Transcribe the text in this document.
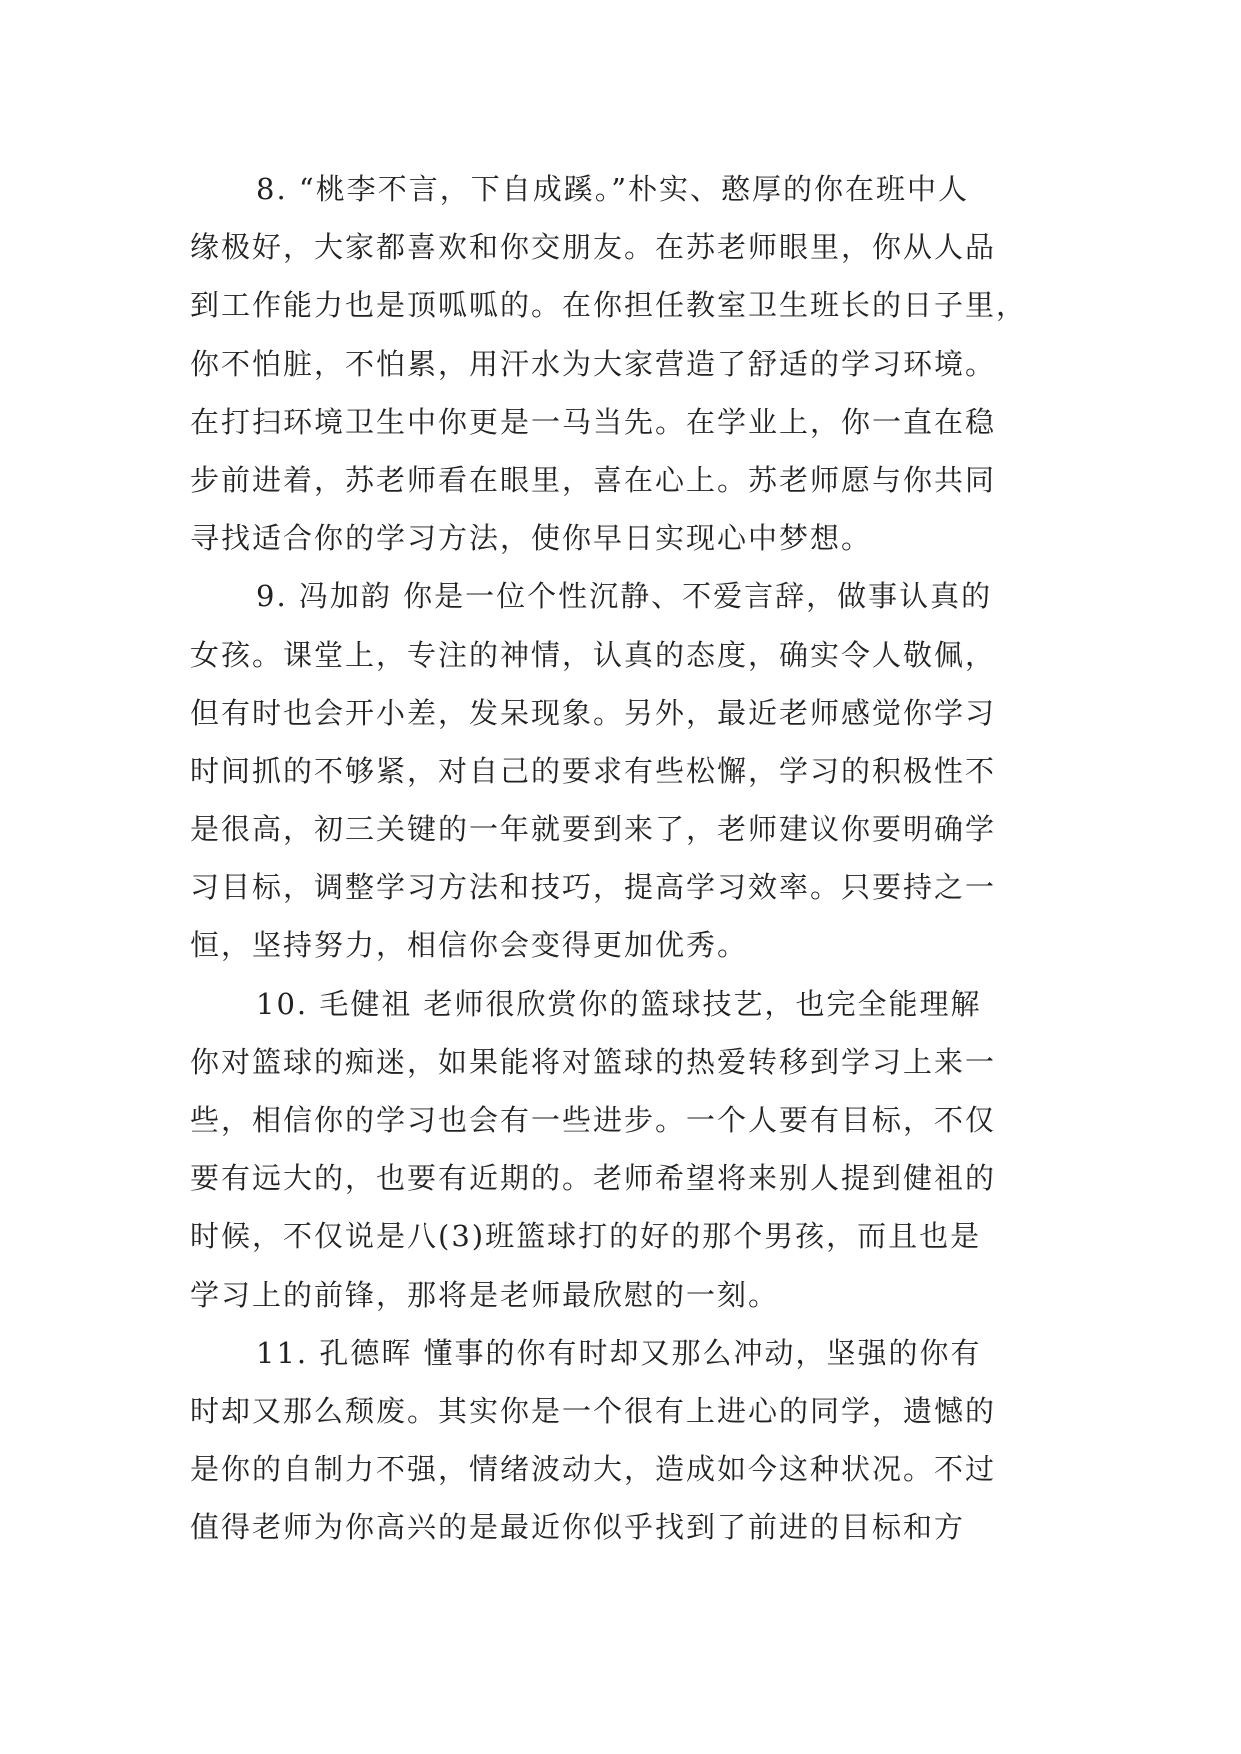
8. “桃李不言，下自成蹊。”朴实、憨厚的你在班中人
缘极好，大家都喜欢和你交朋友。在苏老师眼里，你从人品
到工作能力也是顶呱呱的。在你担任教室卫生班长的日子里，
你不怕脏，不怕累，用汗水为大家营造了舒适的学习环境。
在打扫环境卫生中你更是一马当先。在学业上，你一直在稳
步前进着，苏老师看在眼里，喜在心上。苏老师愿与你共同
寻找适合你的学习方法，使你早日实现心中梦想。
9. 冯加韵 你是一位个性沉静、不爱言辞，做事认真的
女孩。课堂上，专注的神情，认真的态度，确实令人敬佩，
但有时也会开小差，发呆现象。另外，最近老师感觉你学习
时间抓的不够紧，对自己的要求有些松懈，学习的积极性不
是很高，初三关键的一年就要到来了，老师建议你要明确学
习目标，调整学习方法和技巧，提高学习效率。只要持之一
恒，坚持努力，相信你会变得更加优秀。
10. 毛健祖 老师很欣赏你的篮球技艺，也完全能理解
你对篮球的痴迷，如果能将对篮球的热爱转移到学习上来一
些，相信你的学习也会有一些进步。一个人要有目标，不仅
要有远大的，也要有近期的。老师希望将来别人提到健祖的
时候，不仅说是八(3)班篮球打的好的那个男孩，而且也是
学习上的前锋，那将是老师最欣慰的一刻。
11. 孔德晖 懂事的你有时却又那么冲动，坚强的你有
时却又那么颓废。其实你是一个很有上进心的同学，遗憾的
是你的自制力不强，情绪波动大，造成如今这种状况。不过
值得老师为你高兴的是最近你似乎找到了前进的目标和方
